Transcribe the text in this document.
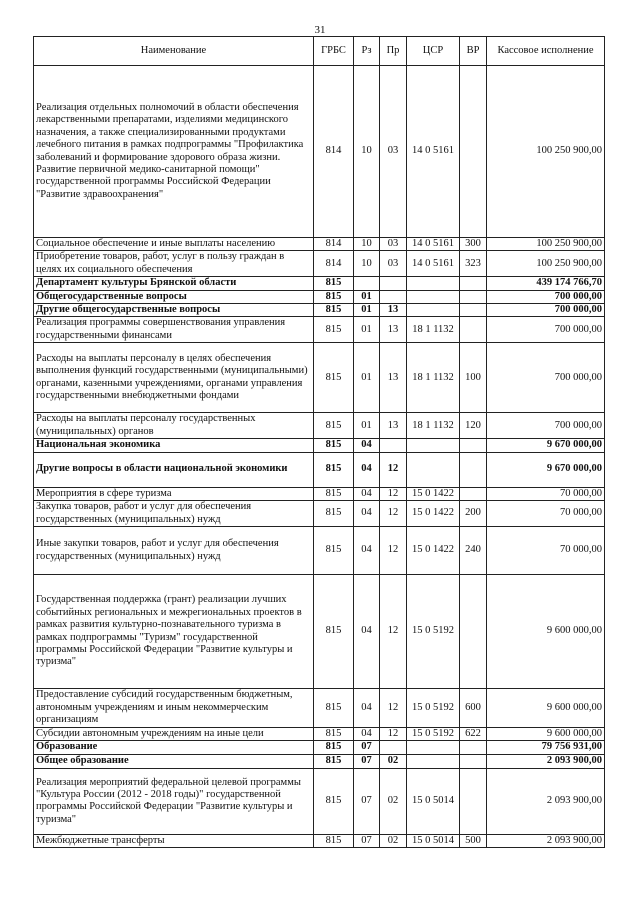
31
Наименование	ГРБС	Рз	Пр	ЦСР	ВР	Кассовое исполнение
Реализация отдельных полномочий в области обеспечения лекарственными препаратами, изделиями медицинского назначения, а также специализированными продуктами лечебного питания в рамках подпрограммы "Профилактика заболеваний и формирование здорового образа жизни. Развитие первичной медико-санитарной помощи" государственной программы Российской Федерации "Развитие здравоохранения"	814	10	03	14 0 5161		100 250 900,00
Социальное обеспечение и иные выплаты населению	814	10	03	14 0 5161	300	100 250 900,00
Приобретение товаров, работ, услуг в пользу граждан в целях их социального обеспечения	814	10	03	14 0 5161	323	100 250 900,00
Департамент культуры Брянской области	815					439 174 766,70
Общегосударственные вопросы	815	01				700 000,00
Другие общегосударственные вопросы	815	01	13			700 000,00
Реализация программы совершенствования управления государственными финансами	815	01	13	18 1 1132		700 000,00
Расходы на выплаты персоналу в целях обеспечения выполнения функций государственными (муниципальными) органами, казенными учреждениями, органами управления государственными внебюджетными фондами	815	01	13	18 1 1132	100	700 000,00
Расходы на выплаты персоналу государственных (муниципальных) органов	815	01	13	18 1 1132	120	700 000,00
Национальная экономика	815	04				9 670 000,00
Другие вопросы в области национальной экономики	815	04	12			9 670 000,00
Мероприятия в сфере туризма	815	04	12	15 0 1422		70 000,00
Закупка товаров, работ и услуг для обеспечения государственных (муниципальных) нужд	815	04	12	15 0 1422	200	70 000,00
Иные закупки товаров, работ и услуг для обеспечения государственных (муниципальных) нужд	815	04	12	15 0 1422	240	70 000,00
Государственная поддержка (грант) реализации лучших событийных региональных и межрегиональных проектов в рамках развития культурно-познавательного туризма в рамках подпрограммы "Туризм" государственной программы Российской Федерации "Развитие культуры и туризма"	815	04	12	15 0 5192		9 600 000,00
Предоставление субсидий государственным бюджетным, автономным учреждениям и иным некоммерческим организациям	815	04	12	15 0 5192	600	9 600 000,00
Субсидии автономным учреждениям на иные цели	815	04	12	15 0 5192	622	9 600 000,00
Образование	815	07				79 756 931,00
Общее образование	815	07	02			2 093 900,00
Реализация мероприятий федеральной целевой программы "Культура России (2012 - 2018 годы)" государственной программы Российской Федерации "Развитие культуры и туризма"	815	07	02	15 0 5014		2 093 900,00
Межбюджетные трансферты	815	07	02	15 0 5014	500	2 093 900,00
